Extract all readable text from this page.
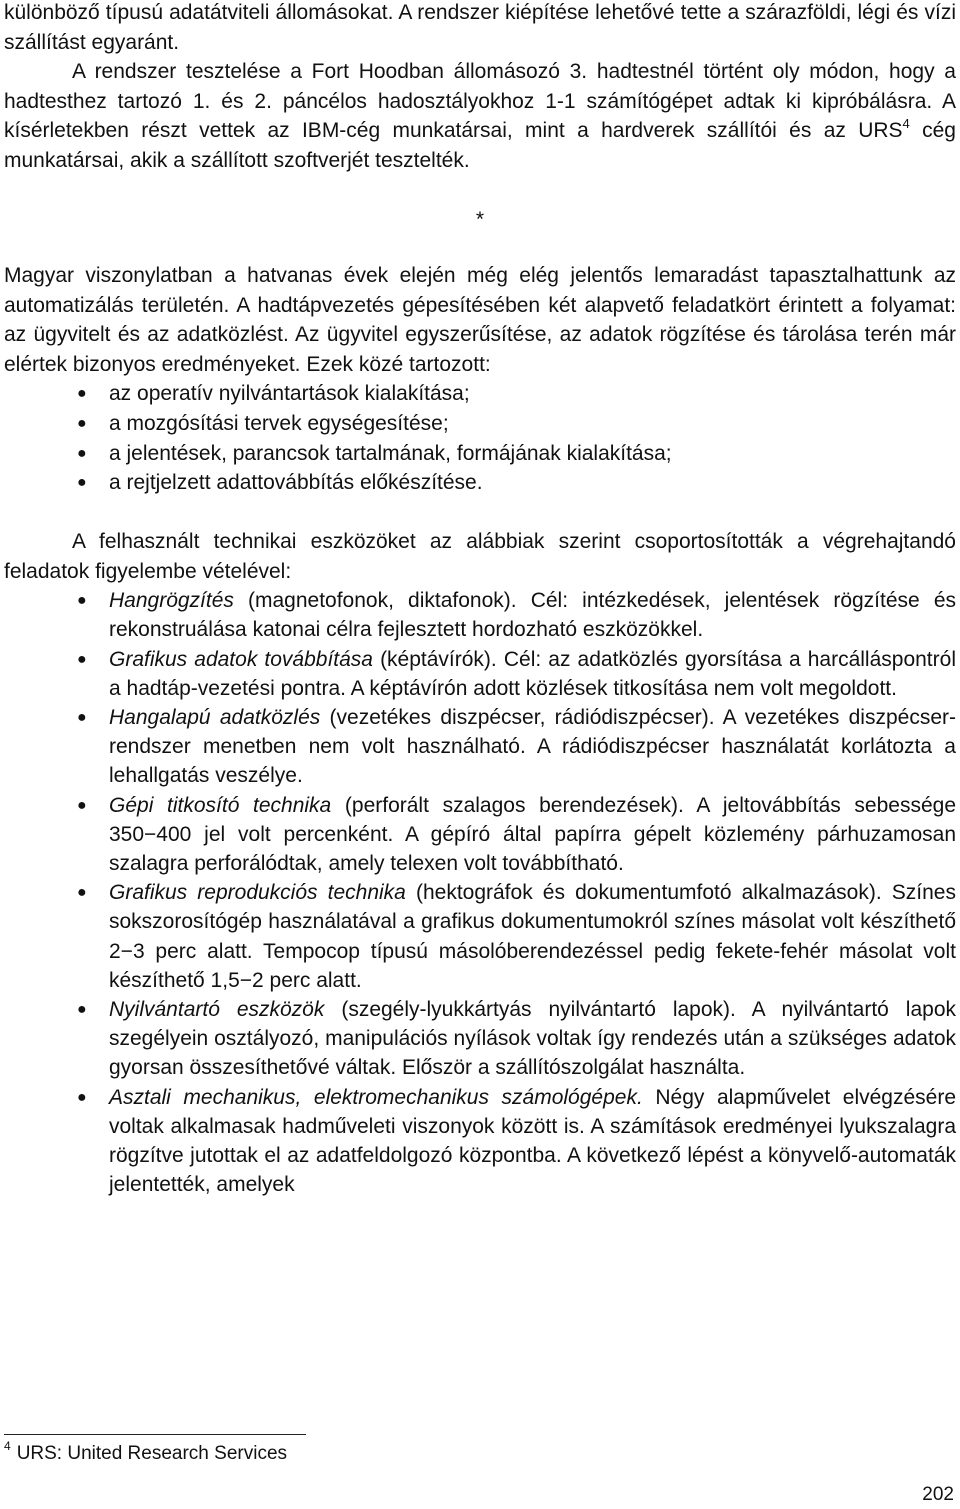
különböző típusú adatátviteli állomásokat. A rendszer kiépítése lehetővé tette a szárazföldi, légi és vízi szállítást egyaránt.
A rendszer tesztelése a Fort Hoodban állomásozó 3. hadtestnél történt oly módon, hogy a hadtesthez tartozó 1. és 2. páncélos hadosztályokhoz 1-1 számítógépet adtak ki kipróbálásra. A kísérletekben részt vettek az IBM-cég munkatársai, mint a hardverek szállítói és az URS$^4$ cég munkatársai, akik a szállított szoftverjét tesztelték.

*

Magyar viszonylatban a hatvanas évek elején még elég jelentős lemaradást tapasztalhattunk az automatizálás területén. A hadtápvezetés gépesítésében két alapvető feladatkört érintett a folyamat: az ügyvitelt és az adatközlést. Az ügyvitel egyszerűsítése, az adatok rögzítése és tárolása terén már elértek bizonyos eredményeket. Ezek közé tartozott:

● az operatív nyilvántartások kialakítása;
● a mozgósítási tervek egységesítése;
● a jelentések, parancsok tartalmának, formájának kialakítása;
● a rejtjelzett adattovábbítás előkészítése.

A felhasznált technikai eszközöket az alábbiak szerint csoportosították a végrehajtandó feladatok figyelembe vételével:

● Hangrögzítés (magnetofonok, diktafonok). Cél: intézkedések, jelentések rögzítése és rekonstruálása katonai célra fejlesztett hordozható eszközökkel.
● Grafikus adatok továbbítása (képtávírók). Cél: az adatközlés gyorsítása a harcálláspontról a hadtáp-vezetési pontra. A képtávírón adott közlések titkosítása nem volt megoldott.
● Hangalapú adatközlés (vezetékes diszpécser, rádiódiszpécser). A vezetékes diszpécser-rendszer menetben nem volt használható. A rádiódiszpécser használatát korlátozta a lehallgatás veszélye.
● Gépi titkosító technika (perforált szalagos berendezések). A jeltovábbítás sebessége 350−400 jel volt percenként. A gépíró által papírra gépelt közlemény párhuzamosan szalagra perforálódtak, amely telexen volt továbbítható.
● Grafikus reprodukciós technika (hektográfok és dokumentumfotó alkalmazások). Színes sokszorosítógép használatával a grafikus dokumentumokról színes másolat volt készíthető 2−3 perc alatt. Tempocop típusú másolóberendezéssel pedig fekete-fehér másolat volt készíthető 1,5−2 perc alatt.
● Nyilvántartó eszközök (szegély-lyukkártyás nyilvántartó lapok). A nyilvántartó lapok szegélyein osztályozó, manipulációs nyílások voltak így rendezés után a szükséges adatok gyorsan összesíthetővé váltak. Először a szállítószolgálat használta.
● Asztali mechanikus, elektromechanikus számológépek. Négy alapművelet elvégzésére voltak alkalmasak hadműveleti viszonyok között is. A számítások eredményei lyukszalagra rögzítve jutottak el az adatfeldolgozó központba. A következő lépést a könyvelő-automaták jelentették, amelyek
$^4$ URS: United Research Services
202
